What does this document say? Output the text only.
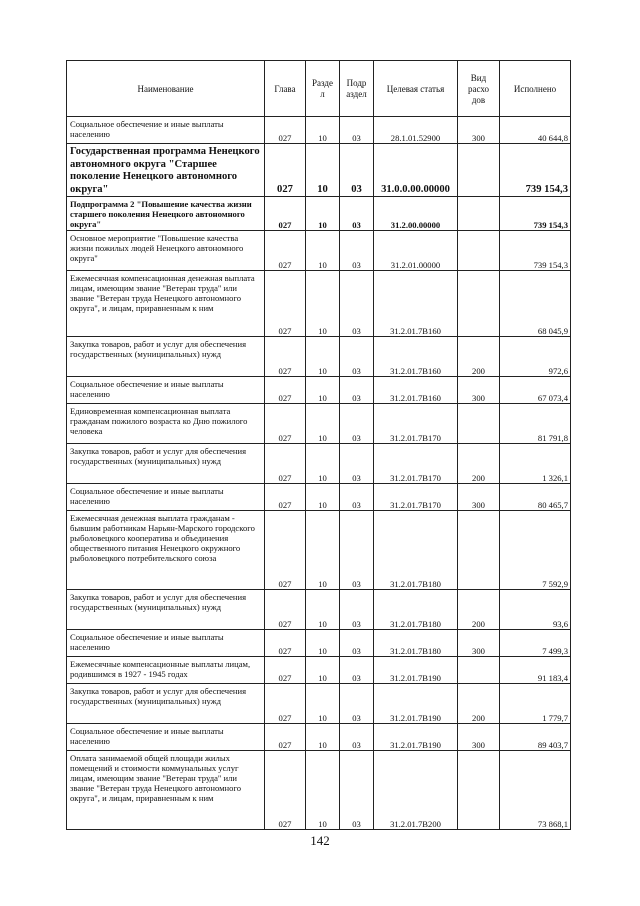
Наименование	Глава	Разде л	Подр аздел	Целевая статья	Вид расхо дов	Исполнено
Социальное обеспечение и иные выплаты населению	027	10	03	28.1.01.52900	300	40 644,8
Государственная программа Ненецкого автономного округа "Старшее поколение Ненецкого автономного округа"	027	10	03	31.0.0.00.00000		739 154,3
Подпрограмма 2 "Повышение качества жизни старшего поколения Ненецкого автономного округа"	027	10	03	31.2.00.00000		739 154,3
Основное мероприятие "Повышение качества жизни пожилых людей Ненецкого автономного округа"	027	10	03	31.2.01.00000		739 154,3
Ежемесячная компенсационная денежная выплата лицам, имеющим звание "Ветеран труда" или звание "Ветеран труда Ненецкого автономного округа", и лицам, приравненным к ним	027	10	03	31.2.01.7В160		68 045,9
Закупка товаров, работ и услуг для обеспечения государственных (муниципальных) нужд	027	10	03	31.2.01.7В160	200	972,6
Социальное обеспечение и иные выплаты населению	027	10	03	31.2.01.7В160	300	67 073,4
Единовременная компенсационная выплата гражданам пожилого возраста ко Дню пожилого человека	027	10	03	31.2.01.7В170		81 791,8
Закупка товаров, работ и услуг для обеспечения государственных (муниципальных) нужд	027	10	03	31.2.01.7В170	200	1 326,1
Социальное обеспечение и иные выплаты населению	027	10	03	31.2.01.7В170	300	80 465,7
Ежемесячная денежная выплата гражданам - бывшим работникам Нарьян-Марского городского рыболовецкого кооператива и объединения общественного питания Ненецкого окружного рыболовецкого потребительского союза	027	10	03	31.2.01.7В180		7 592,9
Закупка товаров, работ и услуг для обеспечения государственных (муниципальных) нужд	027	10	03	31.2.01.7В180	200	93,6
Социальное обеспечение и иные выплаты населению	027	10	03	31.2.01.7В180	300	7 499,3
Ежемесячные компенсационные выплаты лицам, родившимся в 1927 - 1945 годах	027	10	03	31.2.01.7В190		91 183,4
Закупка товаров, работ и услуг для обеспечения государственных (муниципальных) нужд	027	10	03	31.2.01.7В190	200	1 779,7
Социальное обеспечение и иные выплаты населению	027	10	03	31.2.01.7В190	300	89 403,7
Оплата занимаемой общей площади жилых помещений и стоимости коммунальных услуг лицам, имеющим звание "Ветеран труда" или звание "Ветеран труда Ненецкого автономного округа", и лицам, приравненным к ним	027	10	03	31.2.01.7В200		73 868,1
142
